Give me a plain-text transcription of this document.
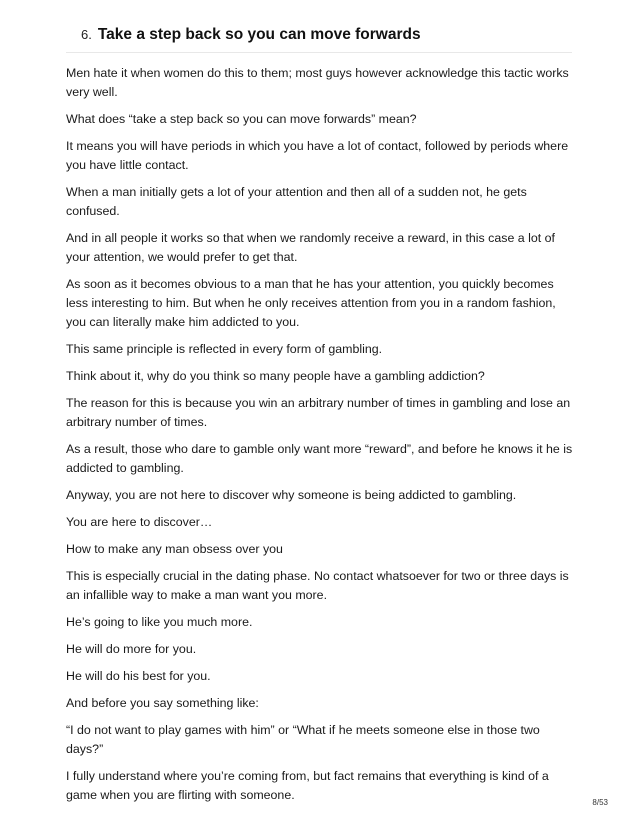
6. Take a step back so you can move forwards

Men hate it when women do this to them; most guys however acknowledge this tactic works very well.

What does “take a step back so you can move forwards” mean?

It means you will have periods in which you have a lot of contact, followed by periods where you have little contact.

When a man initially gets a lot of your attention and then all of a sudden not, he gets confused.

And in all people it works so that when we randomly receive a reward, in this case a lot of your attention, we would prefer to get that.

As soon as it becomes obvious to a man that he has your attention, you quickly becomes less interesting to him. But when he only receives attention from you in a random fashion, you can literally make him addicted to you.

This same principle is reflected in every form of gambling.

Think about it, why do you think so many people have a gambling addiction?

The reason for this is because you win an arbitrary number of times in gambling and lose an arbitrary number of times.

As a result, those who dare to gamble only want more “reward”, and before he knows it he is addicted to gambling.

Anyway, you are not here to discover why someone is being addicted to gambling.

You are here to discover…

How to make any man obsess over you

This is especially crucial in the dating phase. No contact whatsoever for two or three days is an infallible way to make a man want you more.

He’s going to like you much more.

He will do more for you.

He will do his best for you.

And before you say something like:

“I do not want to play games with him” or “What if he meets someone else in those two days?”

I fully understand where you’re coming from, but fact remains that everything is kind of a game when you are flirting with someone.

8/53
